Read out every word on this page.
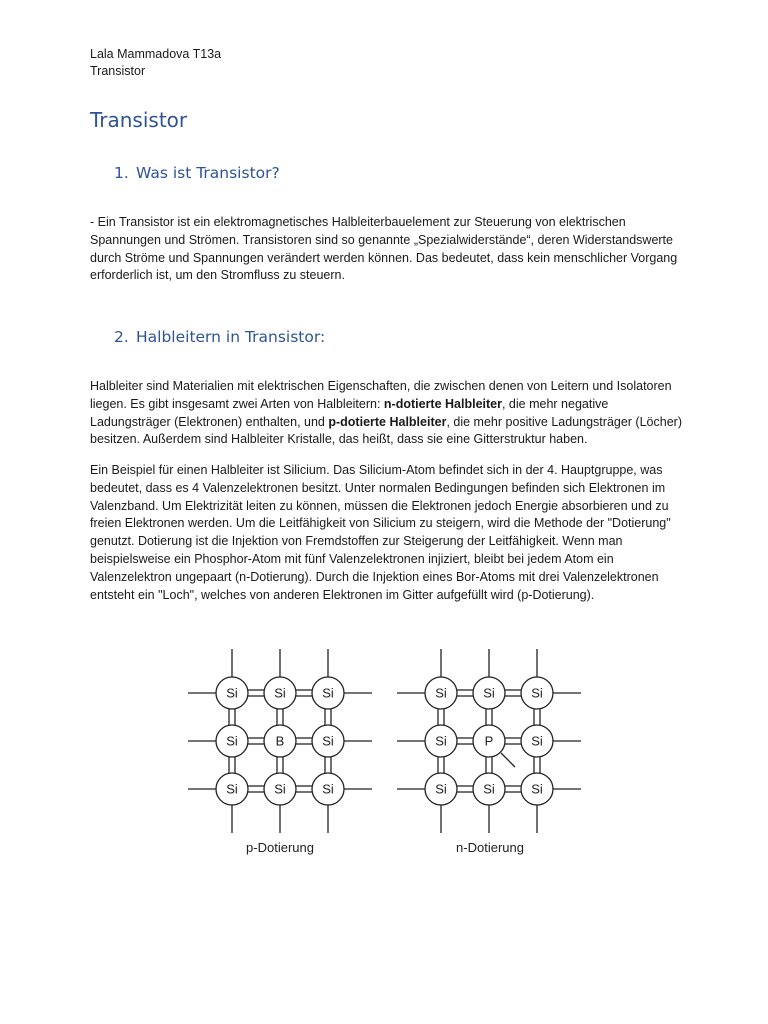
Lala Mammadova T13a

Transistor

Transistor
1. Was ist Transistor?

- Ein Transistor ist ein elektromagnetisches Halbleiterbauelement zur Steuerung von elektrischen Spannungen und Strömen. Transistoren sind so genannte „Spezialwiderstände“, deren Widerstandswerte durch Ströme und Spannungen verändert werden können. Das bedeutet, dass kein menschlicher Vorgang erforderlich ist, um den Stromfluss zu steuern.

2. Halbleitern in Transistor:

Halbleiter sind Materialien mit elektrischen Eigenschaften, die zwischen denen von Leitern und Isolatoren liegen. Es gibt insgesamt zwei Arten von Halbleitern: n-dotierte Halbleiter, die mehr negative Ladungsträger (Elektronen) enthalten, und p-dotierte Halbleiter, die mehr positive Ladungsträger (Löcher) besitzen. Außerdem sind Halbleiter Kristalle, das heißt, dass sie eine Gitterstruktur haben.

Ein Beispiel für einen Halbleiter ist Silicium. Das Silicium-Atom befindet sich in der 4. Hauptgruppe, was bedeutet, dass es 4 Valenzelektronen besitzt. Unter normalen Bedingungen befinden sich Elektronen im Valenzband. Um Elektrizität leiten zu können, müssen die Elektronen jedoch Energie absorbieren und zu freien Elektronen werden. Um die Leitfähigkeit von Silicium zu steigern, wird die Methode der "Dotierung" genutzt. Dotierung ist die Injektion von Fremdstoffen zur Steigerung der Leitfähigkeit. Wenn man beispielsweise ein Phosphor-Atom mit fünf Valenzelektronen injiziert, bleibt bei jedem Atom ein Valenzelektron ungepaart (n-Dotierung). Durch die Injektion eines Bor-Atoms mit drei Valenzelektronen entsteht ein "Loch", welches von anderen Elektronen im Gitter aufgefüllt wird (p-Dotierung).

Si	Si	Si
Si	B	Si
Si	Si	Si
Si	Si	Si
Si	P	Si
Si	Si	Si
p-Dotierung	n-Dotierung
